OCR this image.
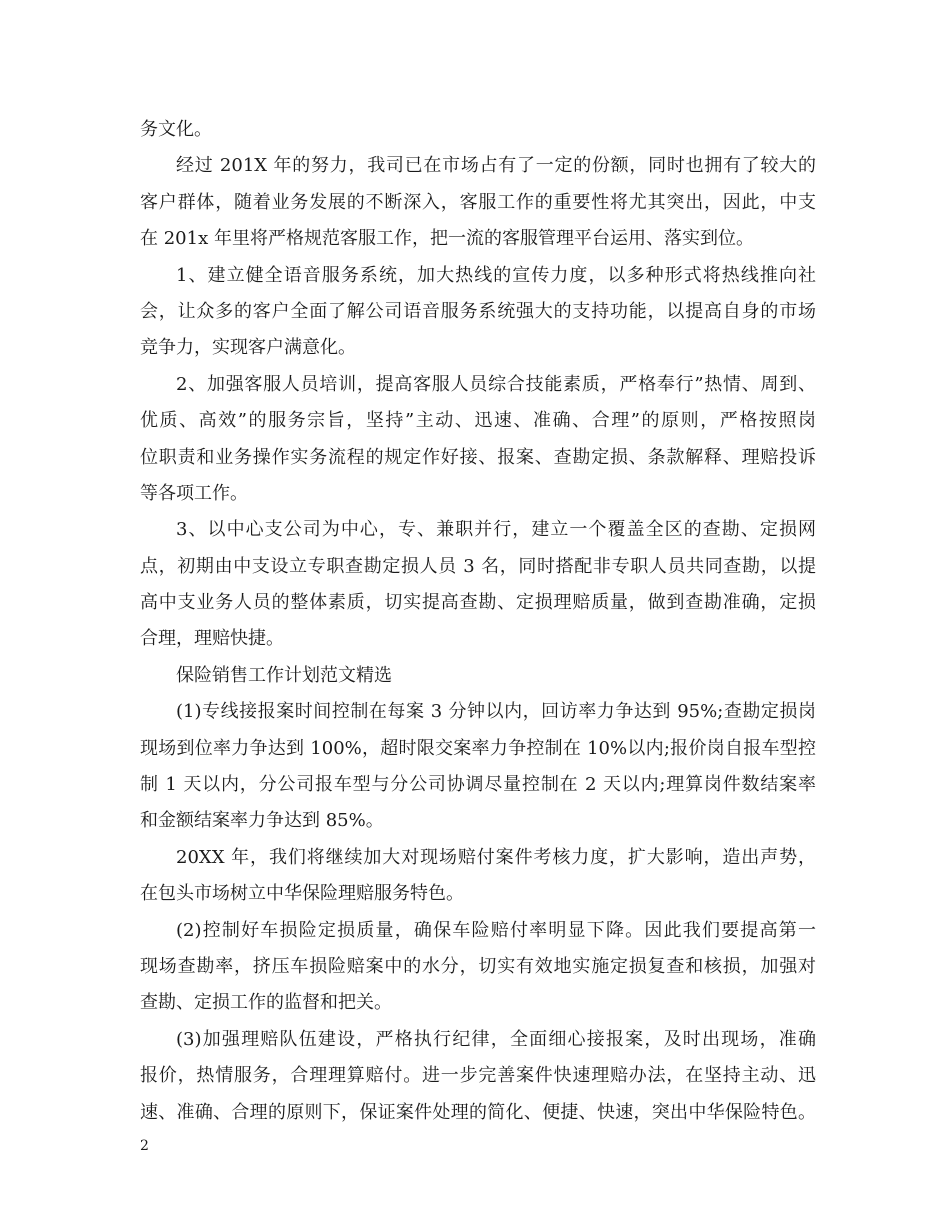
务文化。
经过 201X 年的努力，我司已在市场占有了一定的份额，同时也拥有了较大的
客户群体，随着业务发展的不断深入，客服工作的重要性将尤其突出，因此，中支
在 201x 年里将严格规范客服工作，把一流的客服管理平台运用、落实到位。
1、建立健全语音服务系统，加大热线的宣传力度，以多种形式将热线推向社
会，让众多的客户全面了解公司语音服务系统强大的支持功能，以提高自身的市场
竞争力，实现客户满意化。
2、加强客服人员培训，提高客服人员综合技能素质，严格奉行”热情、周到、
优质、高效”的服务宗旨，坚持”主动、迅速、准确、合理”的原则，严格按照岗
位职责和业务操作实务流程的规定作好接、报案、查勘定损、条款解释、理赔投诉
等各项工作。
3、以中心支公司为中心，专、兼职并行，建立一个覆盖全区的查勘、定损网
点，初期由中支设立专职查勘定损人员 3 名，同时搭配非专职人员共同查勘，以提
高中支业务人员的整体素质，切实提高查勘、定损理赔质量，做到查勘准确，定损
合理，理赔快捷。
保险销售工作计划范文精选
(1)专线接报案时间控制在每案 3 分钟以内，回访率力争达到 95%;查勘定损岗
现场到位率力争达到 100%，超时限交案率力争控制在 10%以内;报价岗自报车型控
制 1 天以内，分公司报车型与分公司协调尽量控制在 2 天以内;理算岗件数结案率
和金额结案率力争达到 85%。
20XX 年，我们将继续加大对现场赔付案件考核力度，扩大影响，造出声势，
在包头市场树立中华保险理赔服务特色。
(2)控制好车损险定损质量，确保车险赔付率明显下降。因此我们要提高第一
现场查勘率，挤压车损险赔案中的水分，切实有效地实施定损复查和核损，加强对
查勘、定损工作的监督和把关。
(3)加强理赔队伍建设，严格执行纪律，全面细心接报案，及时出现场，准确
报价，热情服务，合理理算赔付。进一步完善案件快速理赔办法，在坚持主动、迅
速、准确、合理的原则下，保证案件处理的简化、便捷、快速，突出中华保险特色。
2
